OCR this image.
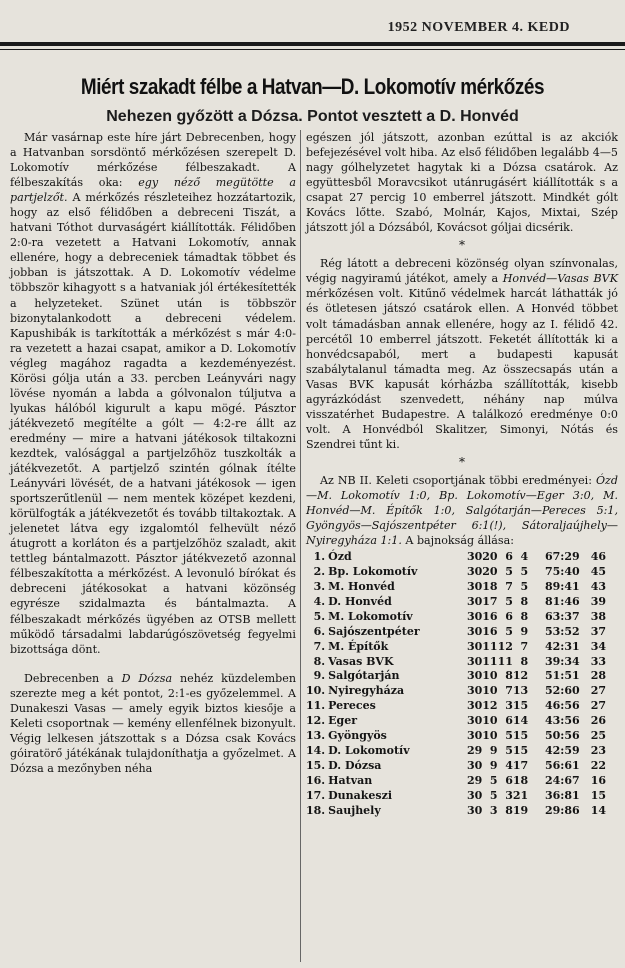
1952 NOVEMBER 4. KEDD
Miért szakadt félbe a Hatvan—D. Lokomotív mérkőzés
Nehezen győzött a Dózsa. Pontot vesztett a D. Honvéd

Már vasárnap este híre járt Debrecenben, hogy a Hatvanban sorsdöntő mérkőzésen szerepelt D. Lokomotív mérkőzése félbeszakadt. A félbeszakítás oka: egy néző megütötte a partjelzőt. A mérkőzés részleteihez hozzátartozik, hogy az első félidőben a debreceni Tiszát, a hatvani Tóthot durvaságért kiállították. Félidőben 2:0-ra vezetett a Hatvani Lokomotív, annak ellenére, hogy a debreceniek támadtak többet és jobban is játszottak. A D. Lokomotív védelme többször kihagyott s a hatvaniak jól értékesítették a helyzeteket. Szünet után is többször bizonytalankodott a debreceni védelem. Kapushibák is tarkították a mérkőzést s már 4:0-ra vezetett a hazai csapat, amikor a D. Lokomotív végleg magához ragadta a kezdeményezést. Körösi gólja után a 33. percben Leányvári nagy lövése nyomán a labda a gólvonalon túljutva a lyukas hálóból kigurult a kapu mögé. Pásztor játékvezető megítélte a gólt — 4:2-re állt az eredmény — mire a hatvani játékosok tiltakozni kezdtek, valósággal a partjelzőhöz tuszkolták a játékvezetőt. A partjelző szintén gólnak ítélte Leányvári lövését, de a hatvani játékosok — igen sportszerűtlenül — nem mentek középet kezdeni, körülfogták a játékvezetőt és tovább tiltakoztak. A jelenetet látva egy izgalomtól felhevült néző átugrott a korláton és a partjelzőhöz szaladt, akit tettleg bántalmazott. Pásztor játékvezető azonnal félbeszakította a mérkőzést. A levonuló bírókat és debreceni játékosokat a hatvani közönség egyrésze szidalmazta és bántalmazta. A félbeszakadt mérkőzés ügyében az OTSB mellett működő társadalmi labdarúgószövetség fegyelmi bizottsága dönt.

Debrecenben a D Dózsa nehéz küzdelemben szerezte meg a két pontot, 2:1-es győzelemmel. A Dunakeszi Vasas — amely egyik biztos kiesője a Keleti csoportnak — kemény ellenfélnek bizonyult. Végig lelkesen játszottak s a Dózsa csak Kovács góiratörő játékának tulajdoníthatja a győzelmet. A Dózsa a mezőnyben néha

egészen jól játszott, azonban ezúttal is az akciók befejezésével volt hiba. Az első félidőben legalább 4—5 nagy gólhelyzetet hagytak ki a Dózsa csatárok. Az együttesből Moravcsikot utánrugásért kiállították s a csapat 27 percig 10 emberrel játszott. Mindkét gólt Kovács lőtte. Szabó, Molnár, Kajos, Mixtai, Szép játszott jól a Dózsából, Kovácsot góljai dicsérik.

*

Rég látott a debreceni közönség olyan színvonalas, végig nagyiramú játékot, amely a Honvéd—Vasas BVK mérkőzésen volt. Kitűnő védelmek harcát láthatták jó és ötletesen játszó csatárok ellen. A Honvéd többet volt támadásban annak ellenére, hogy az I. félidő 42. percétől 10 emberrel játszott. Feketét állították ki a honvédcsapaból, mert a budapesti kapusát szabálytalanul támadta meg. Az összecsapás után a Vasas BVK kapusát kórházba szállították, kisebb agyrázkódást szenvedett, néhány nap múlva visszatérhet Budapestre. A találkozó eredménye 0:0 volt. A Honvédból Skalitzer, Simonyi, Nótás és Szendrei tűnt ki.

*

Az NB II. Keleti csoportjának többi eredményei: Ózd—M. Lokomotív 1:0, Bp. Lokomotív—Eger 3:0, M. Honvéd—M. Építők 1:0, Salgótarján—Pereces 5:1, Gyöngyös—Sajószentpéter 6:1(!), Sátoraljaújhely—Nyiregyháza 1:1. A bajnokság állása:

1.	Ózd	30	20	6	4	67:29	46
2.	Bp. Lokomotív	30	20	5	5	75:40	45
3.	M. Honvéd	30	18	7	5	89:41	43
4.	D. Honvéd	30	17	5	8	81:46	39
5.	M. Lokomotív	30	16	6	8	63:37	38
6.	Sajószentpéter	30	16	5	9	53:52	37
7.	M. Építők	30	11	12	7	42:31	34
8.	Vasas BVK	30	11	11	8	39:34	33
9.	Salgótarján	30	10	8	12	51:51	28
10.	Nyiregyháza	30	10	7	13	52:60	27
11.	Pereces	30	12	3	15	46:56	27
12.	Eger	30	10	6	14	43:56	26
13.	Gyöngyös	30	10	5	15	50:56	25
14.	D. Lokomotív	29	9	5	15	42:59	23
15.	D. Dózsa	30	9	4	17	56:61	22
16.	Hatvan	29	5	6	18	24:67	16
17.	Dunakeszi	30	5	3	21	36:81	15
18.	Saujhely	30	3	8	19	29:86	14
